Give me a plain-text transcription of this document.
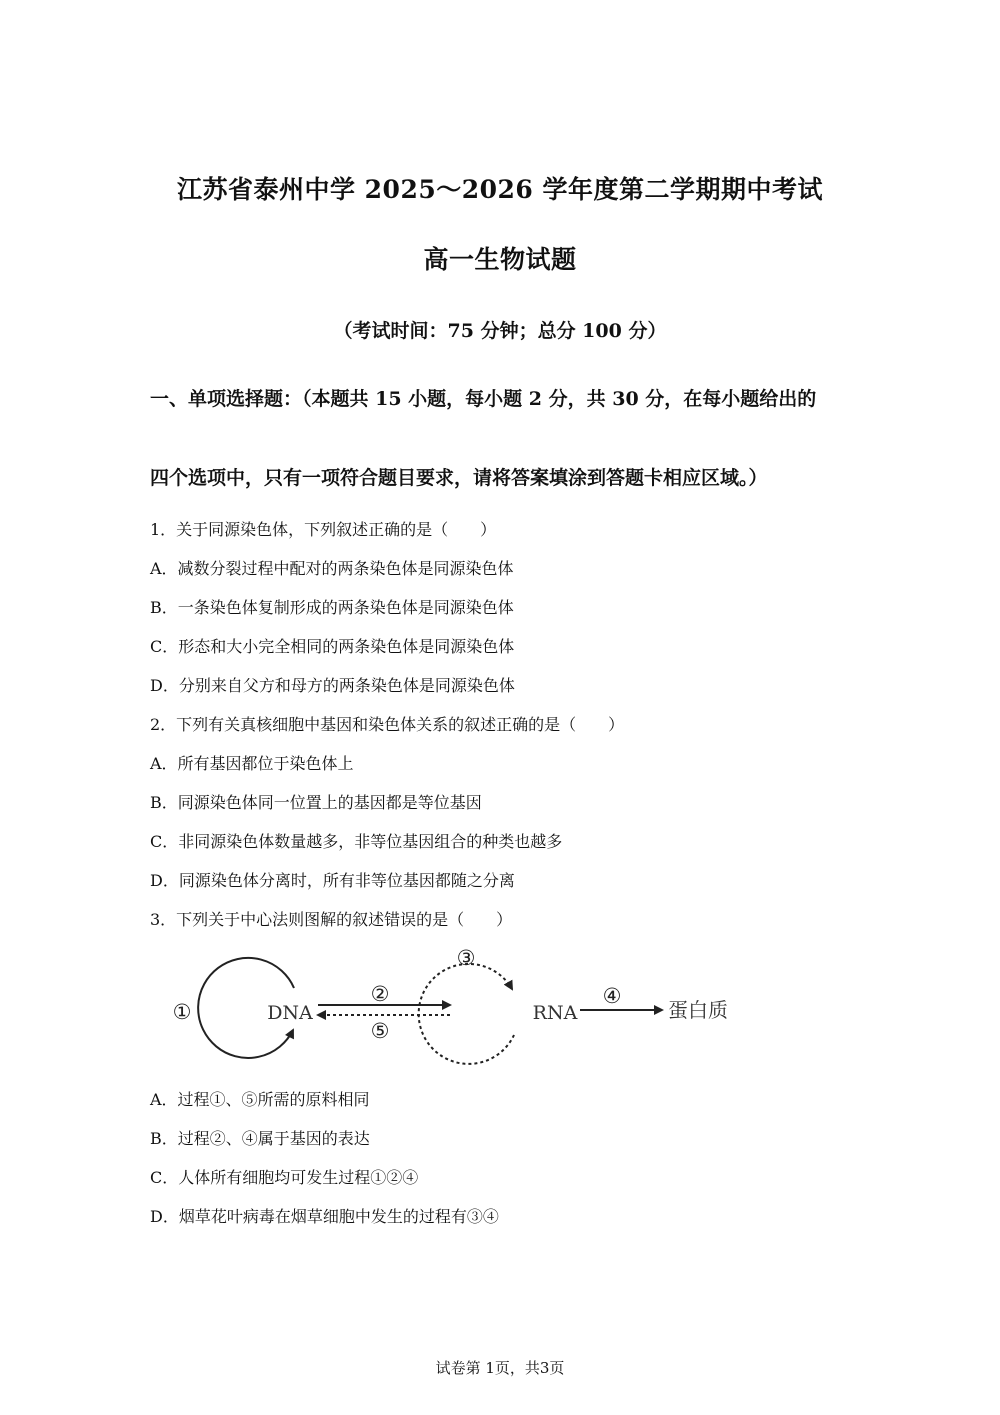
江苏省泰州中学 2025～2026 学年度第二学期期中考试
高一生物试题
（考试时间：75 分钟；总分 100 分）
一、单项选择题：（本题共 15 小题，每小题 2 分，共 30 分，在每小题给出的
四个选项中，只有一项符合题目要求，请将答案填涂到答题卡相应区域。）
1．关于同源染色体，下列叙述正确的是（　　）
A．减数分裂过程中配对的两条染色体是同源染色体
B．一条染色体复制形成的两条染色体是同源染色体
C．形态和大小完全相同的两条染色体是同源染色体
D．分别来自父方和母方的两条染色体是同源染色体
2．下列有关真核细胞中基因和染色体关系的叙述正确的是（　　）
A．所有基因都位于染色体上
B．同源染色体同一位置上的基因都是等位基因
C．非同源染色体数量越多，非等位基因组合的种类也越多
D．同源染色体分离时，所有非等位基因都随之分离
3．下列关于中心法则图解的叙述错误的是（　　）
①	DNA
②
⑤
③
RNA
④
蛋白质
A．过程①、⑤所需的原料相同
B．过程②、④属于基因的表达
C．人体所有细胞均可发生过程①②④
D．烟草花叶病毒在烟草细胞中发生的过程有③④
试卷第 1页，共3页
